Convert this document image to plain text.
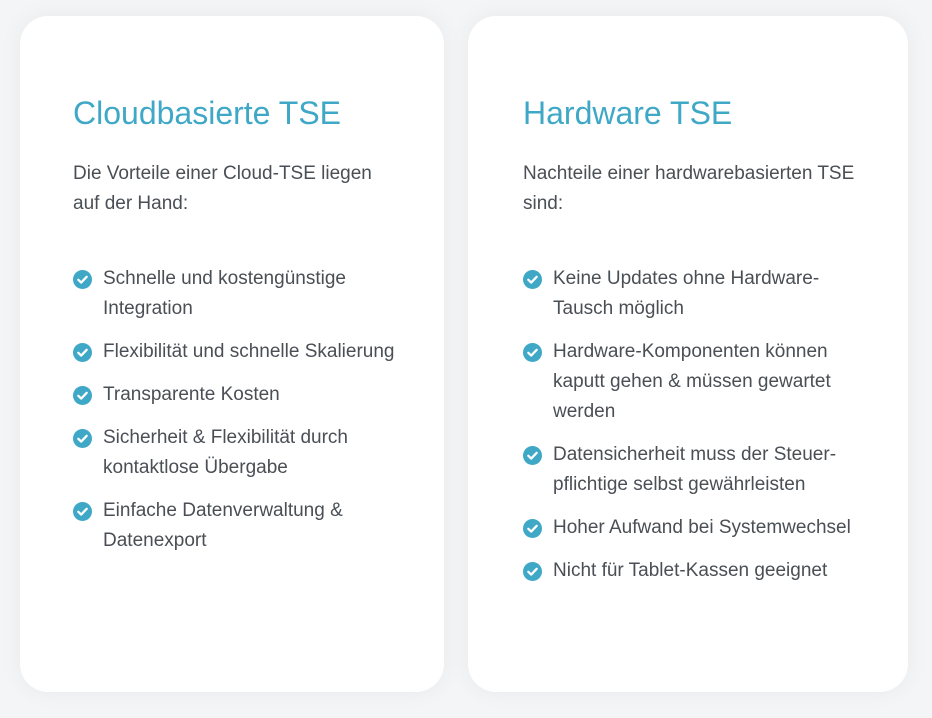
Cloudbasierte TSE

Die Vorteile einer Cloud-TSE liegen auf der Hand:

Schnelle und kostengünstige Integration
Flexibilität und schnelle Skalierung
Transparente Kosten
Sicherheit & Flexibilität durch kontaktlose Übergabe
Einfache Datenverwaltung & Datenexport
Hardware TSE

Nachteile einer hardwarebasierten TSE sind:

Keine Updates ohne Hardware-Tausch möglich
Hardware-Komponenten können kaputt gehen & müssen gewartet werden
Datensicherheit muss der Steuer-pflichtige selbst gewährleisten
Hoher Aufwand bei Systemwechsel
Nicht für Tablet-Kassen geeignet
